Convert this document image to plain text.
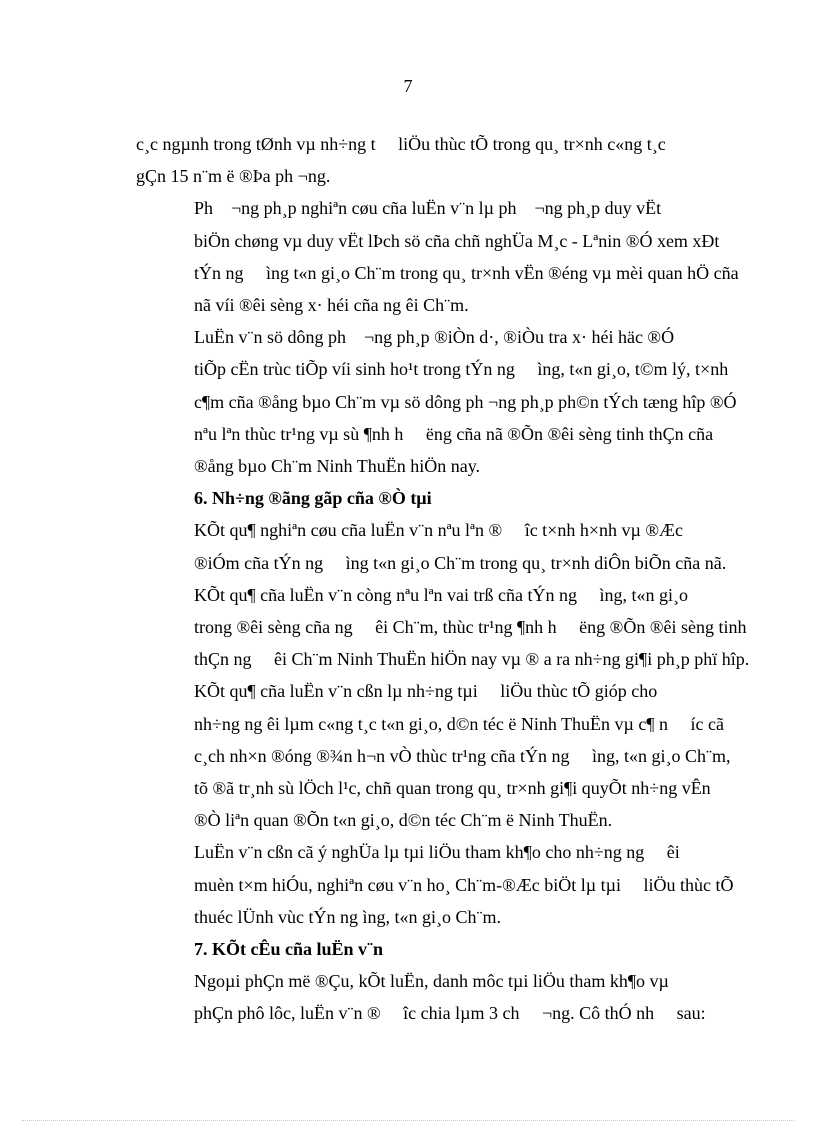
7
c¸c ngµnh trong tØnh vµ nh÷ng t     liÖu thùc tÕ trong qu¸ tr×nh c«ng t¸c
gÇn 15 n¨m ë ®Þa ph ¬ng.
Ph    ¬ng ph¸p nghiªn cøu cña luËn v¨n lµ ph    ¬ng ph¸p duy vËt
biÖn chøng vµ duy vËt lÞch sö cña chñ nghÜa M¸c - Lªnin ®Ó xem xÐt
tÝn ng     ìng t«n gi¸o Ch¨m trong qu¸ tr×nh vËn ®éng vµ mèi quan hÖ cña
nã víi ®êi sèng x· héi cña ng êi Ch¨m.
LuËn v¨n sö dông ph    ¬ng ph¸p ®iÒn d·, ®iÒu tra x· héi häc ®Ó
tiÕp cËn trùc tiÕp víi sinh ho¹t trong tÝn ng     ìng, t«n gi¸o, t©m lý, t×nh
c¶m cña ®ång bµo Ch¨m vµ sö dông ph ¬ng ph¸p ph©n tÝch tæng hîp ®Ó
nªu lªn thùc tr¹ng vµ sù ¶nh h     ëng cña nã ®Õn ®êi sèng tinh thÇn cña
®ång bµo Ch¨m Ninh ThuËn hiÖn nay.
6. Nh÷ng ®ãng gãp cña ®Ò tµi
KÕt qu¶ nghiªn cøu cña luËn v¨n nªu lªn ®     îc t×nh h×nh vµ ®Æc
®iÓm cña tÝn ng     ìng t«n gi¸o Ch¨m trong qu¸ tr×nh diÔn biÕn cña nã.
KÕt qu¶ cña luËn v¨n còng nªu lªn vai trß cña tÝn ng     ìng, t«n gi¸o
trong ®êi sèng cña ng     êi Ch¨m, thùc tr¹ng ¶nh h     ëng ®Õn ®êi sèng tinh
thÇn ng     êi Ch¨m Ninh ThuËn hiÖn nay vµ ® a ra nh÷ng gi¶i ph¸p phï hîp.
KÕt qu¶ cña luËn v¨n cßn lµ nh÷ng tµi     liÖu thùc tÕ gióp cho
nh÷ng ng êi lµm c«ng t¸c t«n gi¸o, d©n téc ë Ninh ThuËn vµ c¶ n     íc cã
c¸ch nh×n ®óng ®¾n h¬n vÒ thùc tr¹ng cña tÝn ng     ìng, t«n gi¸o Ch¨m,
tõ ®ã tr¸nh sù lÖch l¹c, chñ quan trong qu¸ tr×nh gi¶i quyÕt nh÷ng vÊn
®Ò liªn quan ®Õn t«n gi¸o, d©n téc Ch¨m ë Ninh ThuËn.
LuËn v¨n cßn cã ý nghÜa lµ tµi liÖu tham kh¶o cho nh÷ng ng     êi
muèn t×m hiÓu, nghiªn cøu v¨n ho¸ Ch¨m-®Æc biÖt lµ tµi     liÖu thùc tÕ
thuéc lÜnh vùc tÝn ng ìng, t«n gi¸o Ch¨m.
7. KÕt cÊu cña luËn v¨n
Ngoµi phÇn më ®Çu, kÕt luËn, danh môc tµi liÖu tham kh¶o vµ
phÇn phô lôc, luËn v¨n ®     îc chia lµm 3 ch     ¬ng. Cô thÓ nh     sau:
